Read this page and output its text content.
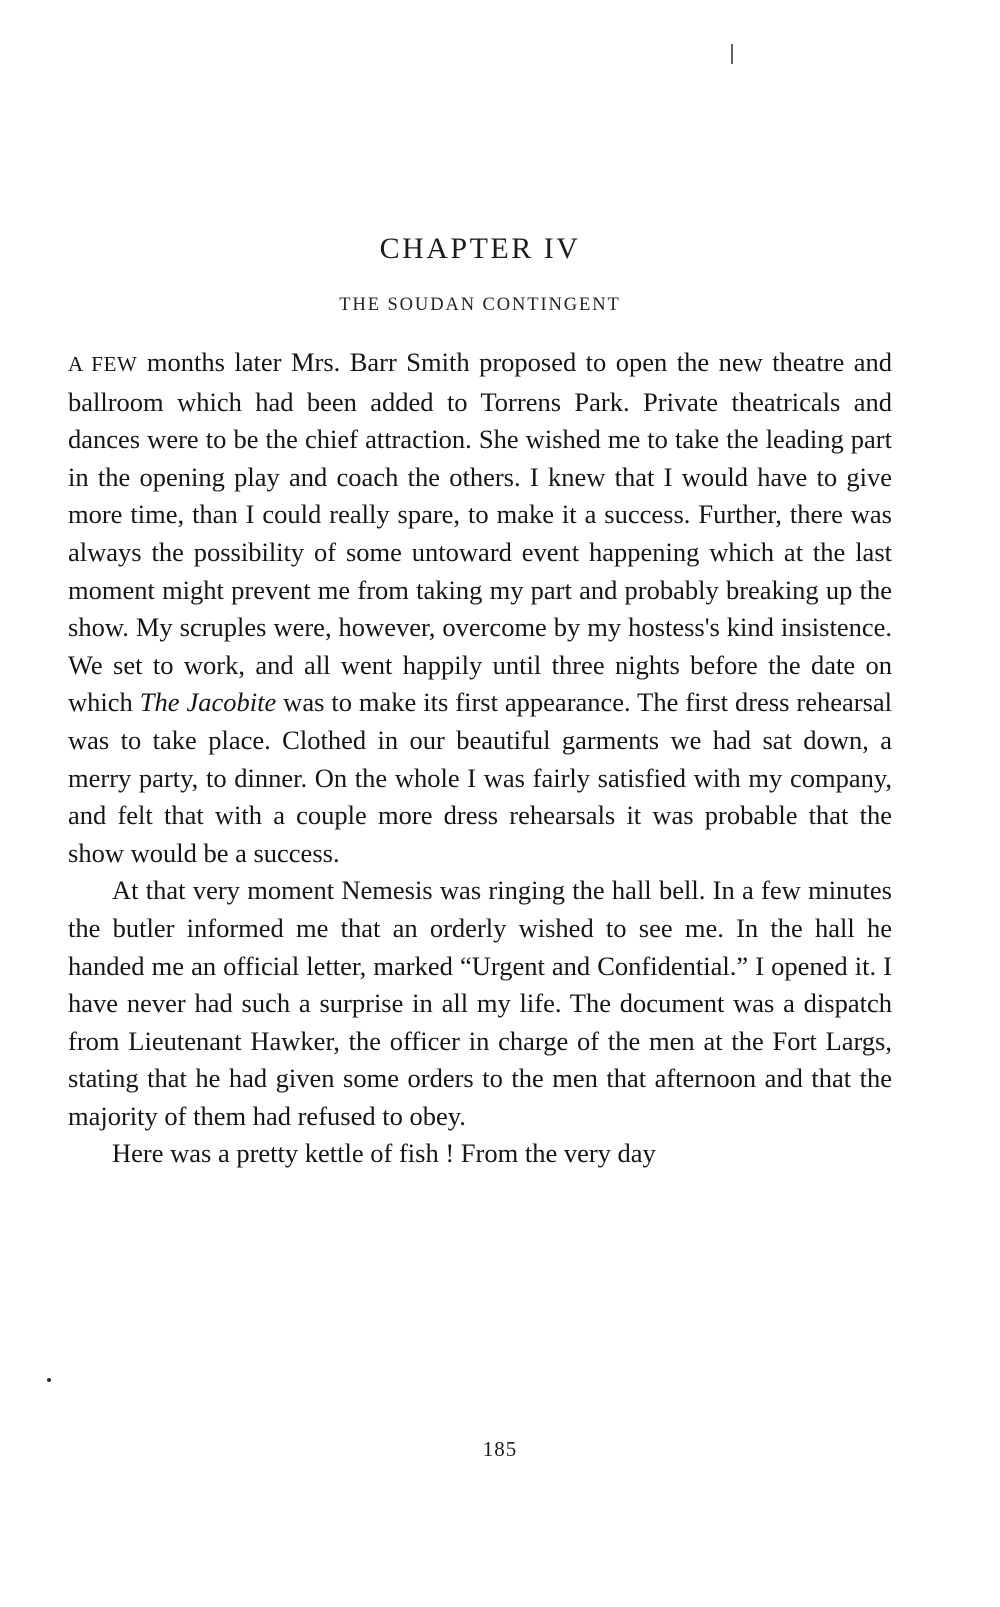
CHAPTER IV
THE SOUDAN CONTINGENT

A FEW months later Mrs. Barr Smith proposed to open the new theatre and ballroom which had been added to Torrens Park. Private theatricals and dances were to be the chief attraction. She wished me to take the leading part in the opening play and coach the others. I knew that I would have to give more time, than I could really spare, to make it a success. Further, there was always the possibility of some untoward event happening which at the last moment might prevent me from taking my part and probably breaking up the show. My scruples were, however, overcome by my hostess's kind insistence. We set to work, and all went happily until three nights before the date on which The Jacobite was to make its first appearance. The first dress rehearsal was to take place. Clothed in our beautiful garments we had sat down, a merry party, to dinner. On the whole I was fairly satisfied with my company, and felt that with a couple more dress rehearsals it was probable that the show would be a success.

At that very moment Nemesis was ringing the hall bell. In a few minutes the butler informed me that an orderly wished to see me. In the hall he handed me an official letter, marked “Urgent and Confidential.” I opened it. I have never had such a surprise in all my life. The document was a dispatch from Lieutenant Hawker, the officer in charge of the men at the Fort Largs, stating that he had given some orders to the men that afternoon and that the majority of them had refused to obey.

Here was a pretty kettle of fish ! From the very day

185
